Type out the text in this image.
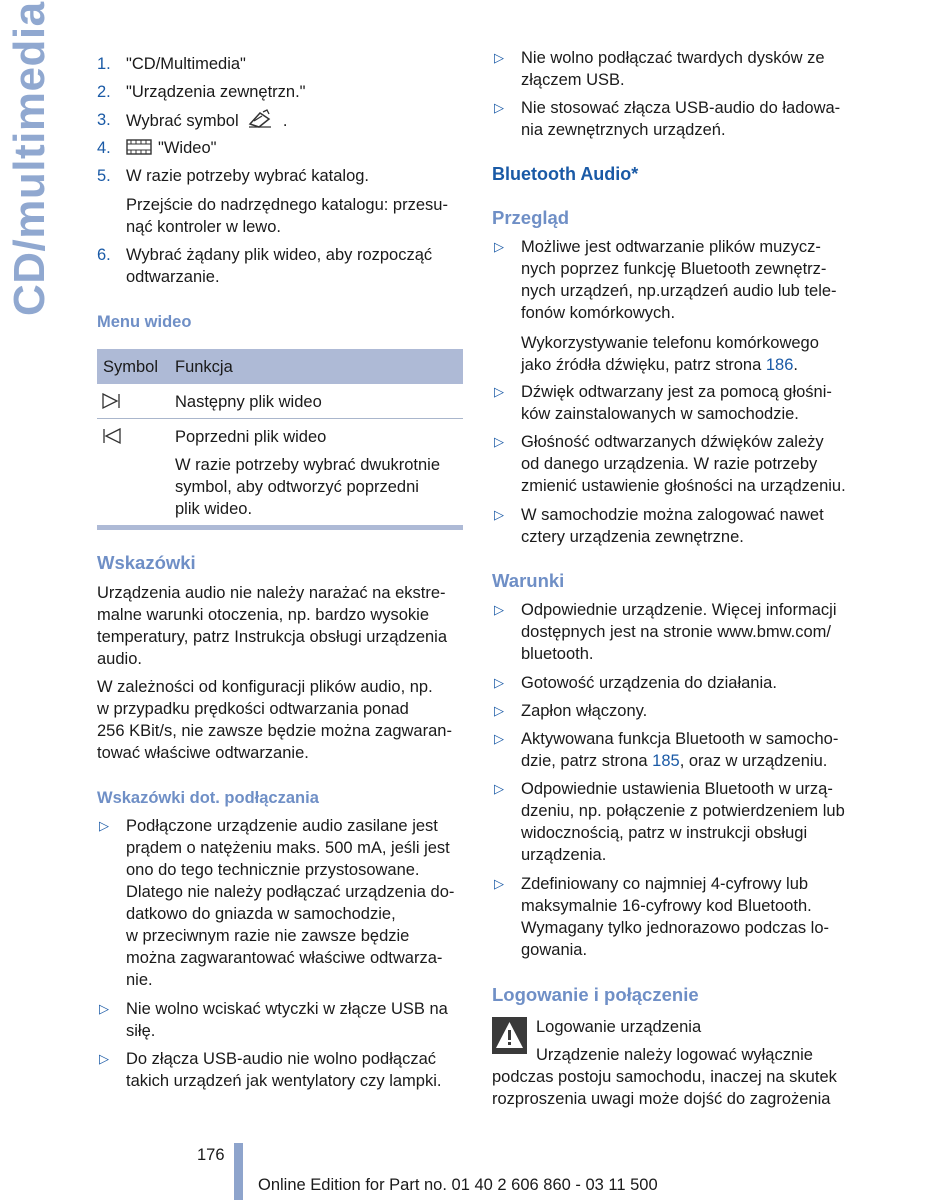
CD/multimedia	1. "CD/Multimedia"
2. "Urządzenia zewnętrzn."
3. Wybrać symbol	.
4.	"Wideo"
5. W razie potrzeby wybrać katalog.
Przejście do nadrzędnego katalogu: przesu-
nąć kontroler w lewo.
6. Wybrać żądany plik wideo, aby rozpocząć
odtwarzanie.
Menu wideo
Symbol Funkcja
Następny plik wideo
Poprzedni plik wideo
W razie potrzeby wybrać dwukrotnie
symbol, aby odtworzyć poprzedni
plik wideo.
Wskazówki
Urządzenia audio nie należy narażać na ekstre-
malne warunki otoczenia, np. bardzo wysokie
temperatury, patrz Instrukcja obsługi urządzenia
audio.
W zależności od konfiguracji plików audio, np.
w przypadku prędkości odtwarzania ponad
256 KBit/s, nie zawsze będzie można zagwaran-
tować właściwe odtwarzanie.
Wskazówki dot. podłączania
▷ Podłączone urządzenie audio zasilane jest
prądem o natężeniu maks. 500 mA, jeśli jest
ono do tego technicznie przystosowane.
Dlatego nie należy podłączać urządzenia do-
datkowo do gniazda w samochodzie,
w przeciwnym razie nie zawsze będzie
można zagwarantować właściwe odtwarza-
nie.
▷ Nie wolno wciskać wtyczki w złącze USB na
siłę.
▷ Do złącza USB-audio nie wolno podłączać
takich urządzeń jak wentylatory czy lampki.
▷ Nie wolno podłączać twardych dysków ze
złączem USB.
▷ Nie stosować złącza USB-audio do ładowa-
nia zewnętrznych urządzeń.
Bluetooth Audio*
Przegląd
▷ Możliwe jest odtwarzanie plików muzycz-
nych poprzez funkcję Bluetooth zewnętrz-
nych urządzeń, np.urządzeń audio lub tele-
fonów komórkowych.
Wykorzystywanie telefonu komórkowego
jako źródła dźwięku, patrz strona 186.
▷ Dźwięk odtwarzany jest za pomocą głośni-
ków zainstalowanych w samochodzie.
▷ Głośność odtwarzanych dźwięków zależy
od danego urządzenia. W razie potrzeby
zmienić ustawienie głośności na urządzeniu.
▷ W samochodzie można zalogować nawet
cztery urządzenia zewnętrzne.
Warunki
▷ Odpowiednie urządzenie. Więcej informacji
dostępnych jest na stronie www.bmw.com/
bluetooth.
▷ Gotowość urządzenia do działania.
▷ Zapłon włączony.
▷ Aktywowana funkcja Bluetooth w samocho-
dzie, patrz strona 185, oraz w urządzeniu.
▷ Odpowiednie ustawienia Bluetooth w urzą-
dzeniu, np. połączenie z potwierdzeniem lub
widocznością, patrz w instrukcji obsługi
urządzenia.
▷ Zdefiniowany co najmniej 4-cyfrowy lub
maksymalnie 16-cyfrowy kod Bluetooth.
Wymagany tylko jednorazowo podczas lo-
gowania.
Logowanie i połączenie
Logowanie urządzenia
Urządzenie należy logować wyłącznie
podczas postoju samochodu, inaczej na skutek
rozproszenia uwagi może dojść do zagrożenia
176
Online Edition for Part no. 01 40 2 606 860 - 03 11 500
